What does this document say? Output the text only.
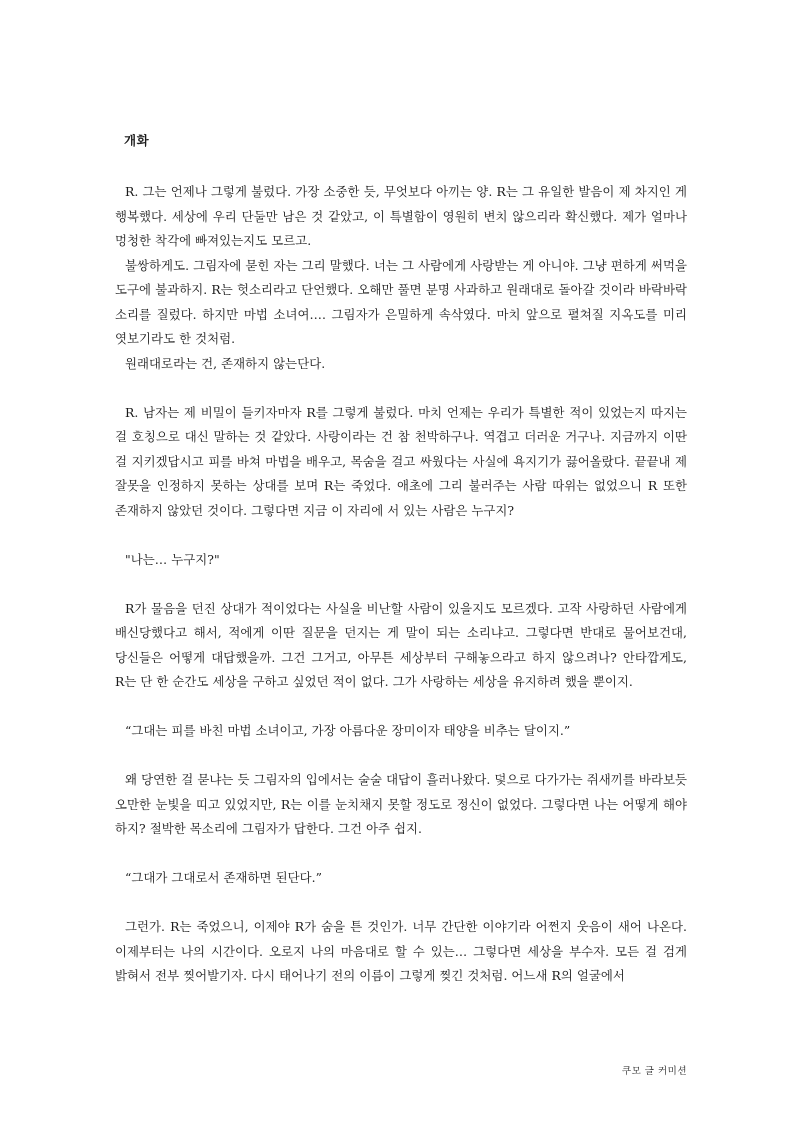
개화

R. 그는 언제나 그렇게 불렀다. 가장 소중한 듯, 무엇보다 아끼는 양. R는 그 유일한 발음이 제 차지인 게 행복했다. 세상에 우리 단둘만 남은 것 같았고, 이 특별함이 영원히 변치 않으리라 확신했다. 제가 얼마나 멍청한 착각에 빠져있는지도 모르고.

불쌍하게도. 그림자에 묻힌 자는 그리 말했다. 너는 그 사람에게 사랑받는 게 아니야. 그냥 편하게 써먹을 도구에 불과하지. R는 헛소리라고 단언했다. 오해만 풀면 분명 사과하고 원래대로 돌아갈 것이라 바락바락 소리를 질렀다. 하지만 마법 소녀여…. 그림자가 은밀하게 속삭였다. 마치 앞으로 펼쳐질 지옥도를 미리 엿보기라도 한 것처럼.

원래대로라는 건, 존재하지 않는단다.

R. 남자는 제 비밀이 들키자마자 R를 그렇게 불렀다. 마치 언제는 우리가 특별한 적이 있었는지 따지는 걸 호칭으로 대신 말하는 것 같았다. 사랑이라는 건 참 천박하구나. 역겹고 더러운 거구나. 지금까지 이딴 걸 지키겠답시고 피를 바쳐 마법을 배우고, 목숨을 걸고 싸웠다는 사실에 욕지기가 끓어올랐다. 끝끝내 제 잘못을 인정하지 못하는 상대를 보며 R는 죽었다. 애초에 그리 불러주는 사람 따위는 없었으니 R 또한 존재하지 않았던 것이다. 그렇다면 지금 이 자리에 서 있는 사람은 누구지?

"나는… 누구지?"

R가 물음을 던진 상대가 적이었다는 사실을 비난할 사람이 있을지도 모르겠다. 고작 사랑하던 사람에게 배신당했다고 해서, 적에게 이딴 질문을 던지는 게 말이 되는 소리냐고. 그렇다면 반대로 물어보건대, 당신들은 어떻게 대답했을까. 그건 그거고, 아무튼 세상부터 구해놓으라고 하지 않으려나? 안타깝게도, R는 단 한 순간도 세상을 구하고 싶었던 적이 없다. 그가 사랑하는 세상을 유지하려 했을 뿐이지.

“그대는 피를 바친 마법 소녀이고, 가장 아름다운 장미이자 태양을 비추는 달이지.”

왜 당연한 걸 묻냐는 듯 그림자의 입에서는 술술 대답이 흘러나왔다. 덫으로 다가가는 쥐새끼를 바라보듯 오만한 눈빛을 띠고 있었지만, R는 이를 눈치채지 못할 정도로 정신이 없었다. 그렇다면 나는 어떻게 해야 하지? 절박한 목소리에 그림자가 답한다. 그건 아주 쉽지.

“그대가 그대로서 존재하면 된단다.”

그런가. R는 죽었으니, 이제야 R가 숨을 튼 것인가. 너무 간단한 이야기라 어쩐지 웃음이 새어 나온다. 이제부터는 나의 시간이다. 오로지 나의 마음대로 할 수 있는… 그렇다면 세상을 부수자. 모든 걸 검게 밝혀서 전부 찢어발기자. 다시 태어나기 전의 이름이 그렇게 찢긴 것처럼. 어느새 R의 얼굴에서

쿠모 글 커미션
